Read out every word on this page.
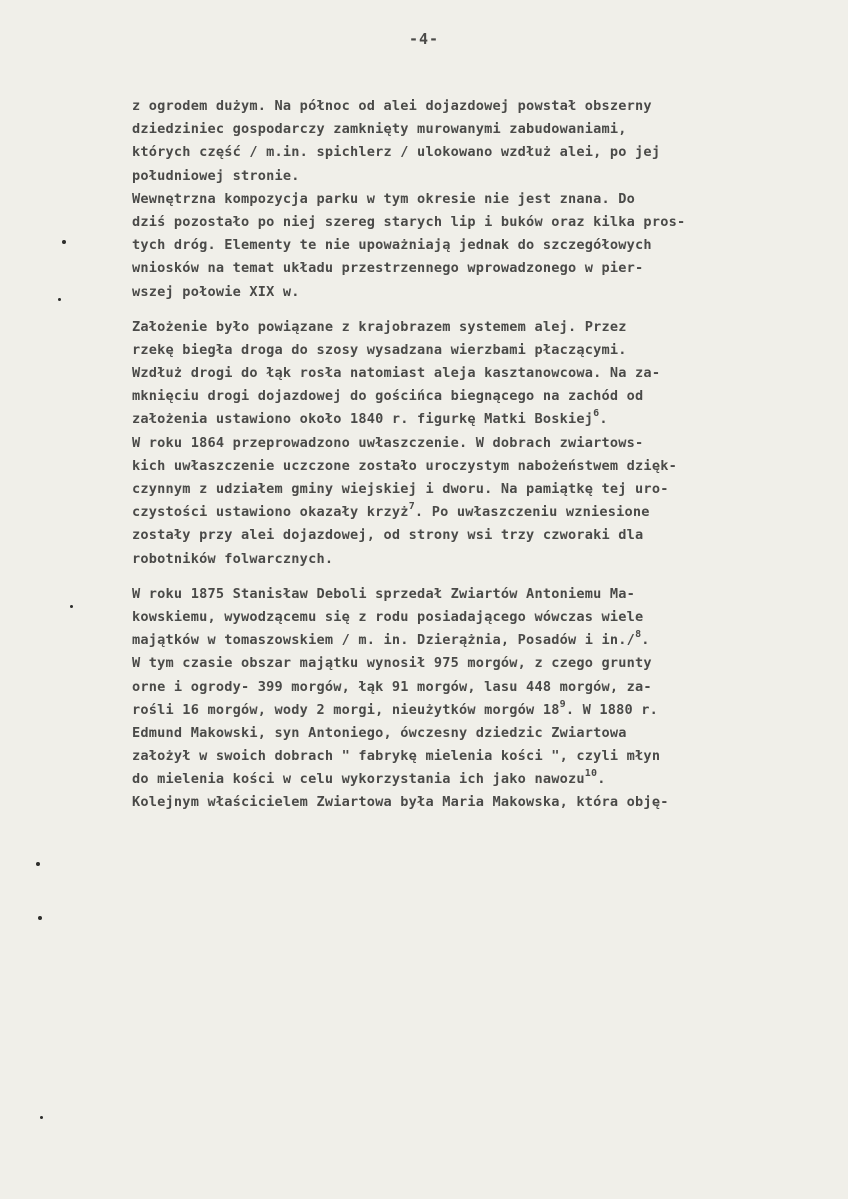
-4-
z ogrodem dużym. Na północ od alei dojazdowej powstał obszerny
dziedziniec gospodarczy zamknięty murowanymi zabudowaniami,
których część / m.in. spichlerz / ulokowano wzdłuż alei, po jej
południowej stronie.
Wewnętrzna kompozycja parku w tym okresie nie jest znana. Do
dziś pozostało po niej szereg starych lip i buków oraz kilka pros-
tych dróg. Elementy te nie upoważniają jednak do szczegółowych
wniosków na temat układu przestrzennego wprowadzonego w pier-
wszej połowie XIX w.
Założenie było powiązane z krajobrazem systemem alej. Przez
rzekę biegła droga do szosy wysadzana wierzbami płaczącymi.
Wzdłuż drogi do łąk rosła natomiast aleja kasztanowcowa. Na za-
mknięciu drogi dojazdowej do gościńca biegnącego na zachód od
założenia ustawiono około 1840 r. figurkę Matki Boskiej$^6$.
W roku 1864 przeprowadzono uwłaszczenie. W dobrach zwiartows-
kich uwłaszczenie uczczone zostało uroczystym nabożeństwem dzięk-
czynnym z udziałem gminy wiejskiej i dworu. Na pamiątkę tej uro-
czystości ustawiono okazały krzyż$^7$. Po uwłaszczeniu wzniesione
zostały przy alei dojazdowej, od strony wsi trzy czworaki dla
robotników folwarcznych.
W roku 1875 Stanisław Deboli sprzedał Zwiartów Antoniemu Ma-
kowskiemu, wywodzącemu się z rodu posiadającego wówczas wiele
majątków w tomaszowskiem / m. in. Dzierążnia, Posadów i in./$^8$.
W tym czasie obszar majątku wynosił 975 morgów, z czego grunty
orne i ogrody- 399 morgów, łąk 91 morgów, lasu 448 morgów, za-
rośli 16 morgów, wody 2 morgi, nieużytków morgów $18^9$. W 1880 r.
Edmund Makowski, syn Antoniego, ówczesny dziedzic Zwiartowa
założył w swoich dobrach " fabrykę mielenia kości ", czyli młyn
do mielenia kości w celu wykorzystania ich jako nawozu$^{10}$.
Kolejnym właścicielem Zwiartowa była Maria Makowska, która obję-
